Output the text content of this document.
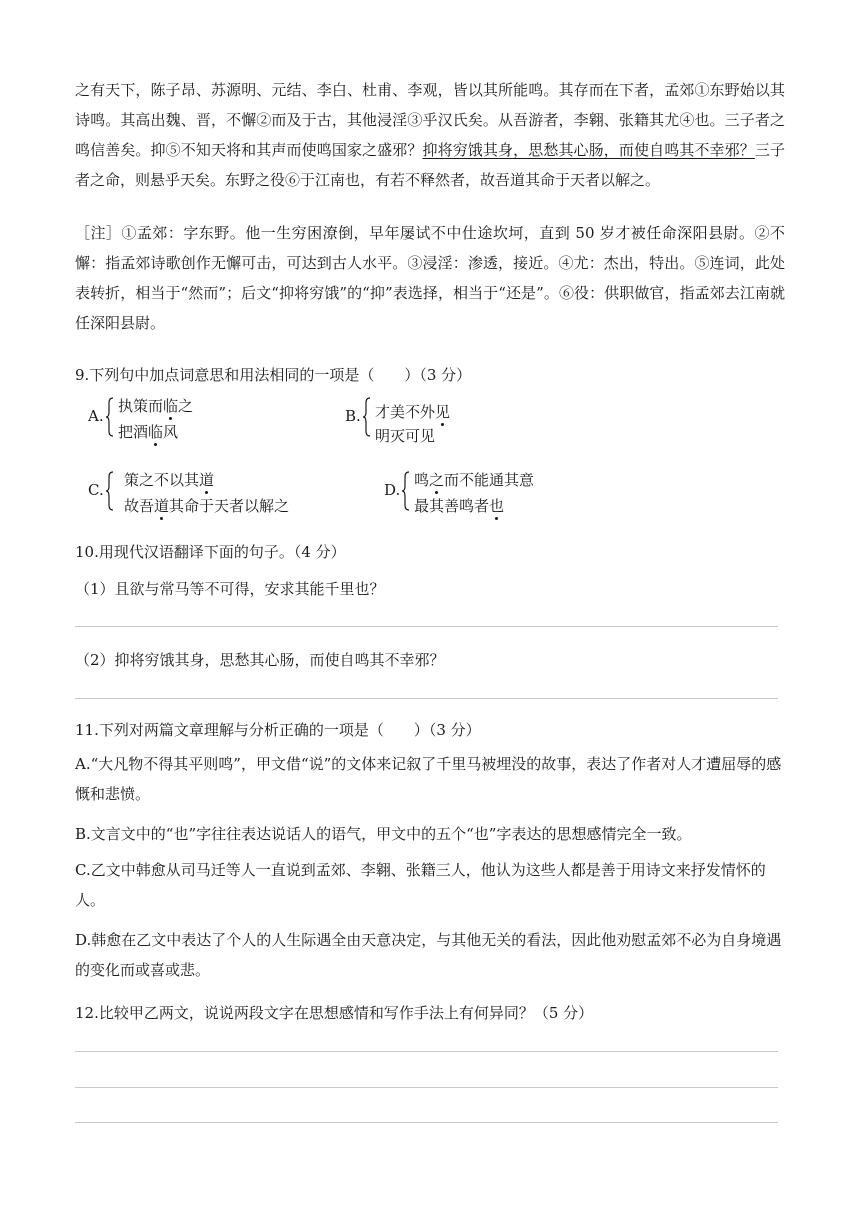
之有天下，陈子昂、苏源明、元结、李白、杜甫、李观，皆以其所能鸣。其存而在下者，孟郊①东野始以其诗鸣。其高出魏、晋，不懈②而及于古，其他浸淫③乎汉氏矣。从吾游者，李翱、张籍其尤④也。三子者之鸣信善矣。抑⑤不知天将和其声而使鸣国家之盛邪？抑将穷饿其身，思愁其心肠，而使自鸣其不幸邪？三子者之命，则悬乎天矣。东野之役⑥于江南也，有若不释然者，故吾道其命于天者以解之。

［注］①孟郊：字东野。他一生穷困潦倒，早年屡试不中仕途坎坷，直到 50 岁才被任命深阳县尉。②不懈：指孟郊诗歌创作无懈可击，可达到古人水平。③浸淫：渗透，接近。④尤：杰出，特出。⑤连词，此处表转折，相当于“然而”；后文“抑将穷饿”的“抑”表选择，相当于“还是”。⑥役：供职做官，指孟郊去江南就任深阳县尉。

9.下列句中加点词意思和用法相同的一项是（　　）（3 分）

A.
执策而临之
把酒临风
B. 才美不外见
明灭可见
C.
策之不以其道
故吾道其命于天者以解之
D.
鸣之而不能通其意
最其善鸣者也

10.用现代汉语翻译下面的句子。（4 分）

（1）且欲与常马等不可得，安求其能千里也？

（2）抑将穷饿其身，思愁其心肠，而使自鸣其不幸邪？

11.下列对两篇文章理解与分析正确的一项是（　　）（3 分）

A.“大凡物不得其平则鸣”，甲文借“说”的文体来记叙了千里马被埋没的故事，表达了作者对人才遭屈辱的感慨和悲愤。

B.文言文中的“也”字往往表达说话人的语气，甲文中的五个“也”字表达的思想感情完全一致。

C.乙文中韩愈从司马迁等人一直说到孟郊、李翱、张籍三人，他认为这些人都是善于用诗文来抒发情怀的人。

D.韩愈在乙文中表达了个人的人生际遇全由天意决定，与其他无关的看法，因此他劝慰孟郊不必为自身境遇的变化而或喜或悲。

12.比较甲乙两文，说说两段文字在思想感情和写作手法上有何异同？（5 分）
